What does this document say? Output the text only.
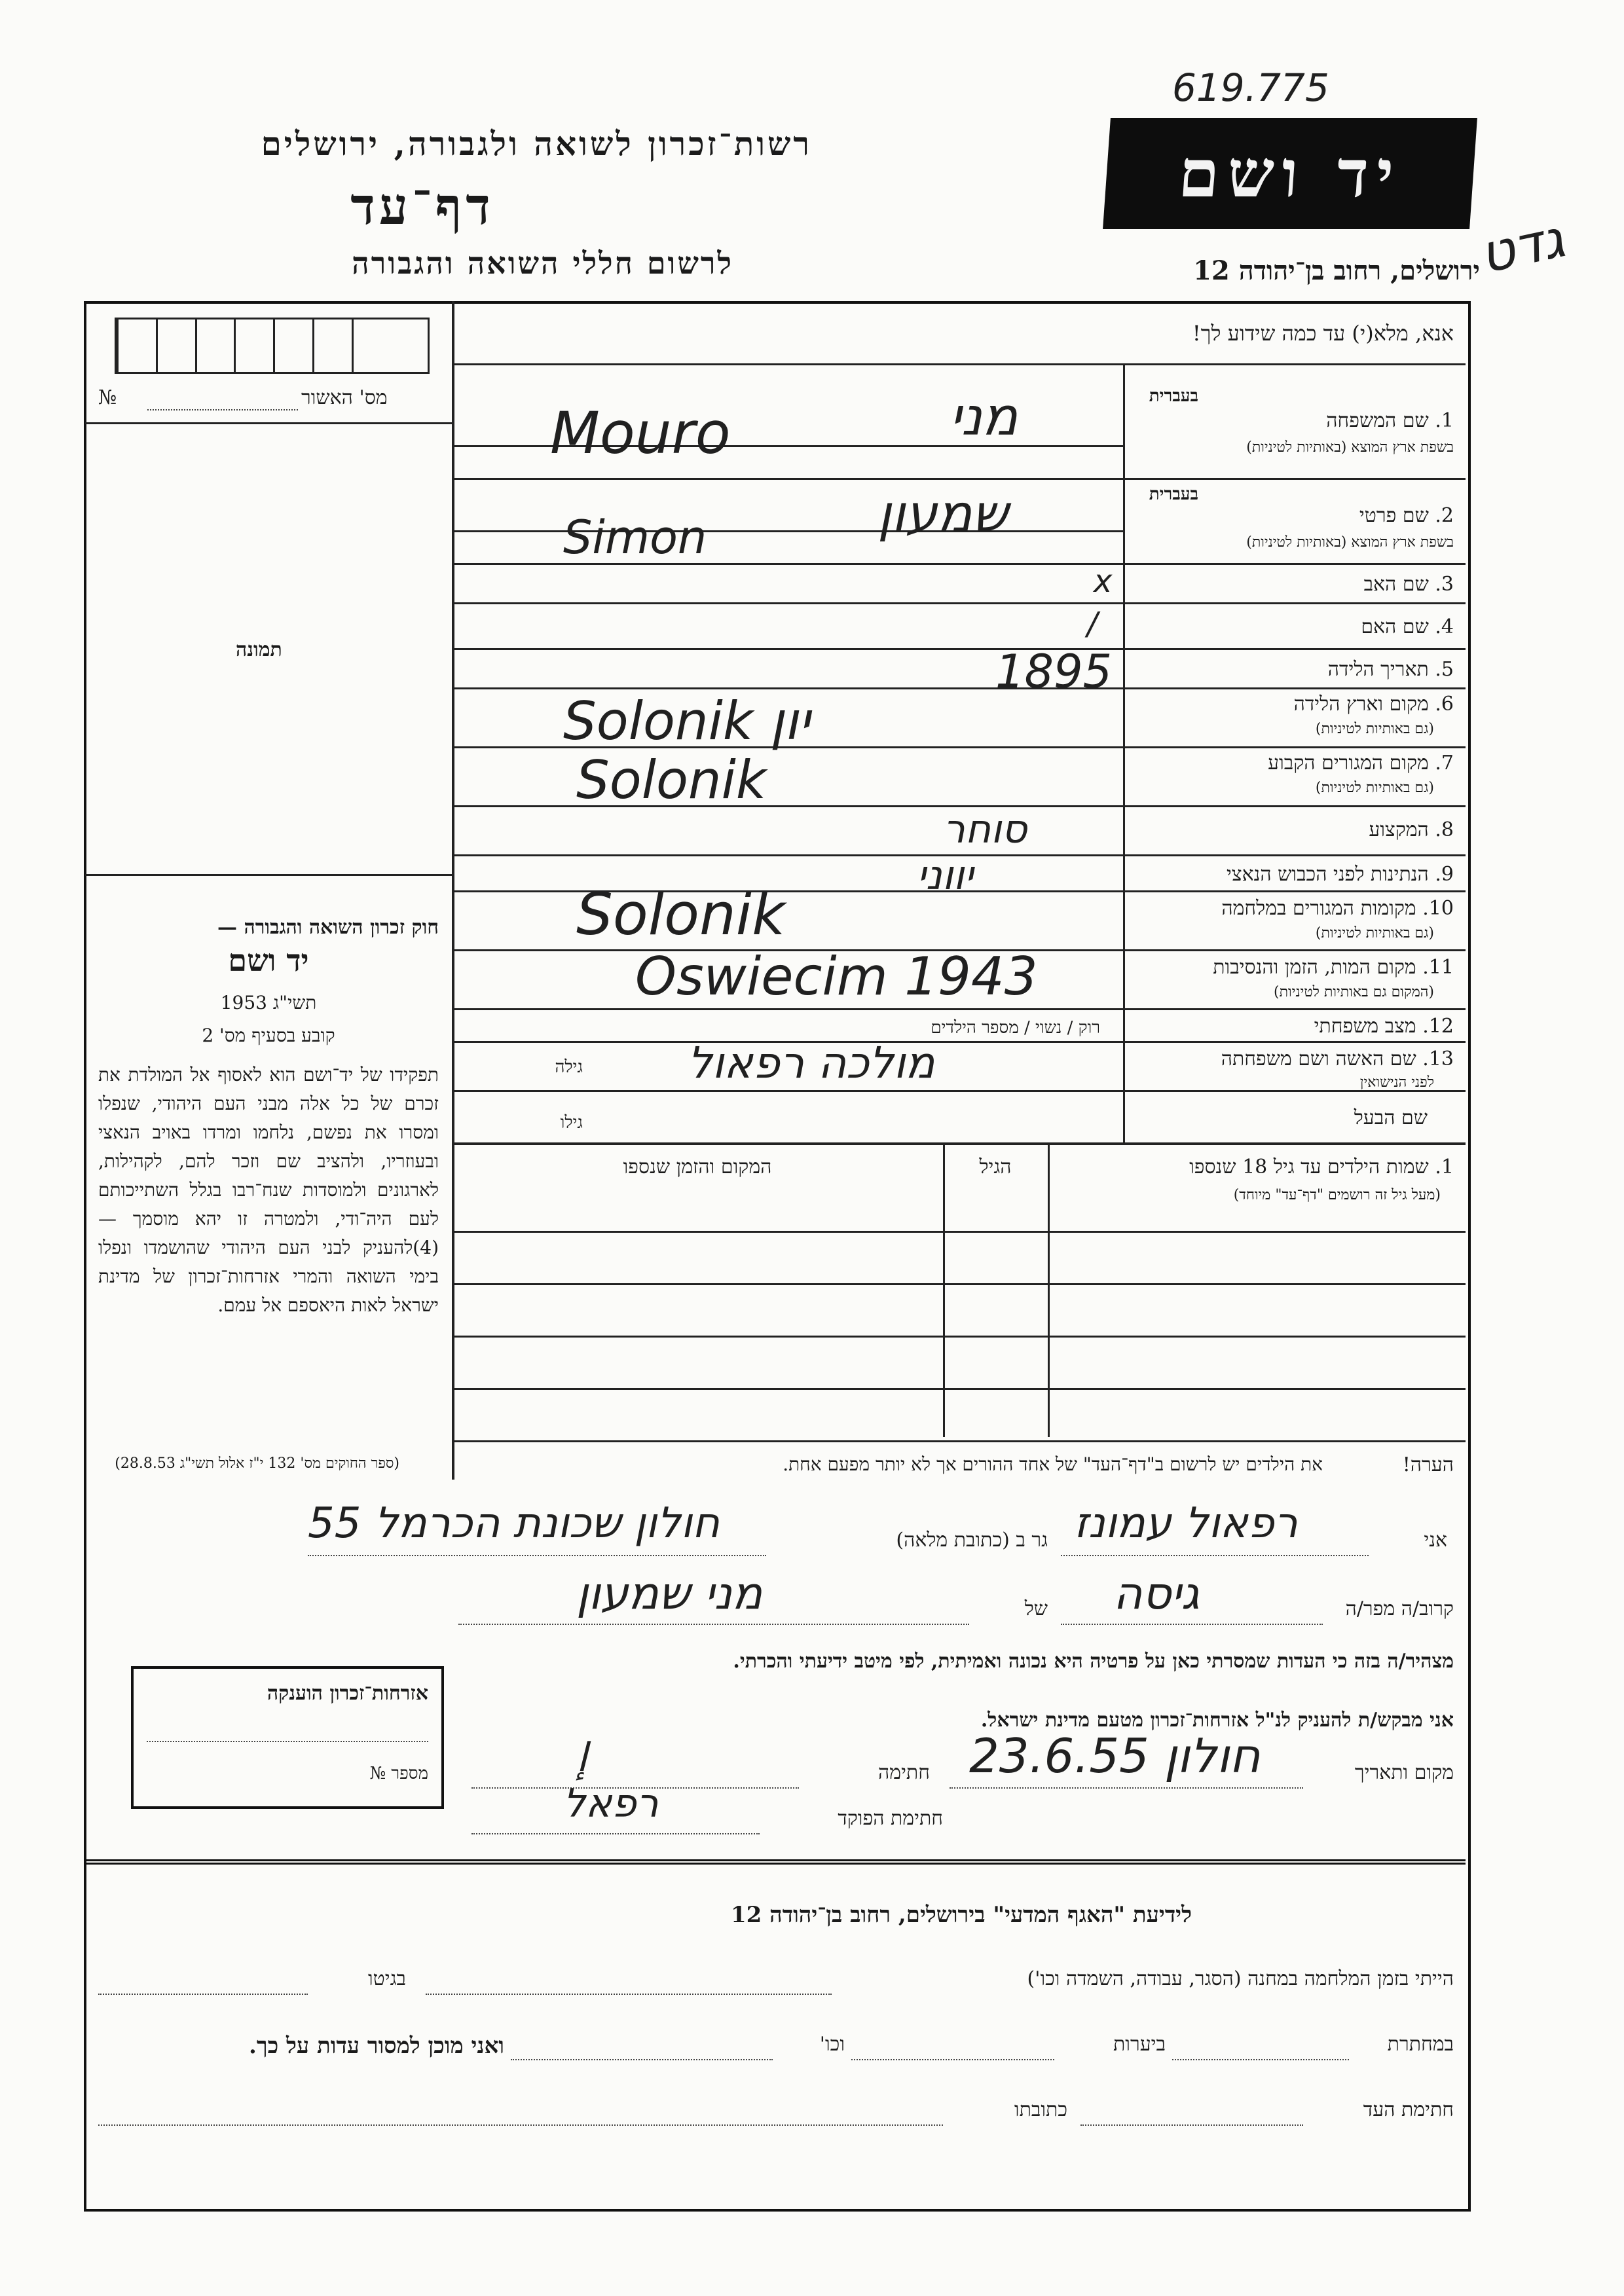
619.775
גדט
רשות־זכרון לשואה ולגבורה, ירושלים	יד ושם
דף־עד
לרשום חללי השואה והגבורה	ירושלים, רחוב בן־יהודה 12
מס' האשור
№
תמונה
חוק זכרון השואה והגבורה —
יד ושם
תשי"ג 1953
קובע בסעיף מס' 2
תפקידו של יד־ושם הוא לאסוף אל המולדת את זכרם של כל אלה מבני העם היהודי, שנפלו ומסרו את נפשם, נלחמו ומרדו באויב הנאצי ובעוזריו, ולהציב שם וזכר להם, לקהילות, לארגונים ולמוסדות שנח־רבו בגלל השתייכותם לעם היה־ודי, ולמטרה זו יהא מוסמך — (4)להעניק לבני העם היהודי שהושמדו ונפלו בימי השואה והמרי אזרחות־זכרון של מדינת ישראל לאות היאספם אל עמם.
(ספר החוקים מס' 132 י"ז אלול תשי"ג 28.8.53)
אזרחות־זכרון הוענקה
מספר №
אנא, מלא(י) עד כמה שידוע לך!
בעברית
1. שם המשפחה
בשפת ארץ המוצא (באותיות לטיניות)
בעברית
2. שם פרטי
בשפת ארץ המוצא (באותיות לטיניות)
3. שם האב
4. שם האם
5. תאריך הלידה
6. מקום וארץ הלידה
(גם באותיות לטיניות)
7. מקום המגורים הקבוע
(גם באותיות לטיניות)
8. המקצוע
9. הנתינות לפני הכבוש הנאצי
10. מקומות המגורים במלחמה
(גם באותיות לטיניות)
11. מקום המות, הזמן והנסיבות
(המקום גם באותיות לטיניות)
12. מצב משפחתי
13. שם האשה ושם משפחתה
לפני הנישואין
שם הבעל
רוק / נשוי / מספר הילדים
גילה
גילו
מני
Mouro
שמעון
Simon
x
/
1895
Solonik יון
Solonik
סוחר
יווני
Solonik
Oswiecim 1943
מולכה רפאול
1. שמות הילדים עד גיל 18 שנספו
(מעל גיל זה רושמים "דף־עד" מיוחד)
הגיל
המקום והזמן שנספו
הערה!
את הילדים יש לרשום ב"דף־העד" של אחד ההורים אך לא יותר מפעם אחת.
אני
רפאול עמונז
גר ב (כתובת מלאה)
חולון שכונת הכרמל 55
קרוב/ה מפר/ה
גיסה
של
מני שמעון
מצהיר/ה בזה כי העדות שמסרתי כאן על פרטיה היא נכונה ואמיתית, לפי מיטב ידיעתי והכרתי.
אני מבקש/ת להעניק לנ"ל אזרחות־זכרון מטעם מדינת ישראל.
מקום ותאריך
חולון 23.6.55
חתימה
ﺇ
חתימת הפוקד
רפאל
לידיעת "האגף המדעי" בירושלים, רחוב בן־יהודה 12
הייתי בזמן המלחמה במחנה (הסגר, עבודה, השמדה וכו')
בגיטו
במחתרת
ביערות
וכו'
ואני מוכן למסור עדות על כך.
חתימת העד
כתובתו
